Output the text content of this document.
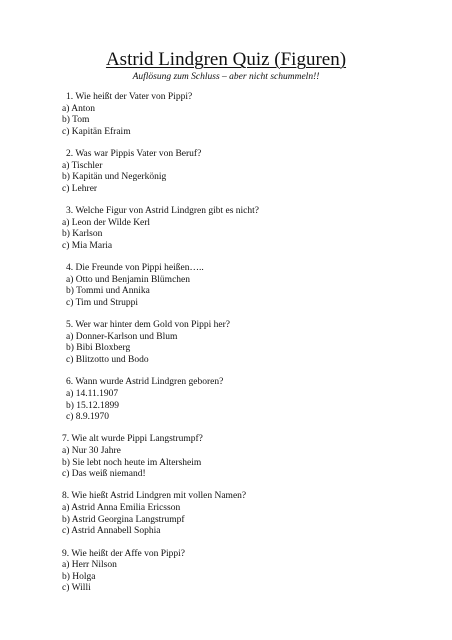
Astrid Lindgren Quiz (Figuren)
Auflösung zum Schluss – aber nicht schummeln!!
1. Wie heißt der Vater von Pippi?
a) Anton
b) Tom
c) Kapitän Efraim
2. Was war Pippis Vater von Beruf?
a) Tischler
b) Kapitän und Negerkönig
c) Lehrer
3. Welche Figur von Astrid Lindgren gibt es nicht?
a) Leon der Wilde Kerl
b) Karlson
c) Mia Maria
4. Die Freunde von Pippi heißen…..
a) Otto und Benjamin Blümchen
b) Tommi und Annika
c) Tim und Struppi
5. Wer war hinter dem Gold von Pippi her?
a) Donner-Karlson und Blum
b) Bibi Bloxberg
c) Blitzotto und Bodo
6. Wann wurde Astrid Lindgren geboren?
a) 14.11.1907
b) 15.12.1899
c) 8.9.1970
7. Wie alt wurde Pippi Langstrumpf?
a) Nur 30 Jahre
b) Sie lebt noch heute im Altersheim
c) Das weiß niemand!
8. Wie hießt Astrid Lindgren mit vollen Namen?
a) Astrid Anna Emilia Ericsson
b) Astrid Georgina Langstrumpf
c) Astrid Annabell Sophia
9. Wie heißt der Affe von Pippi?
a) Herr Nilson
b) Holga
c) Willi
